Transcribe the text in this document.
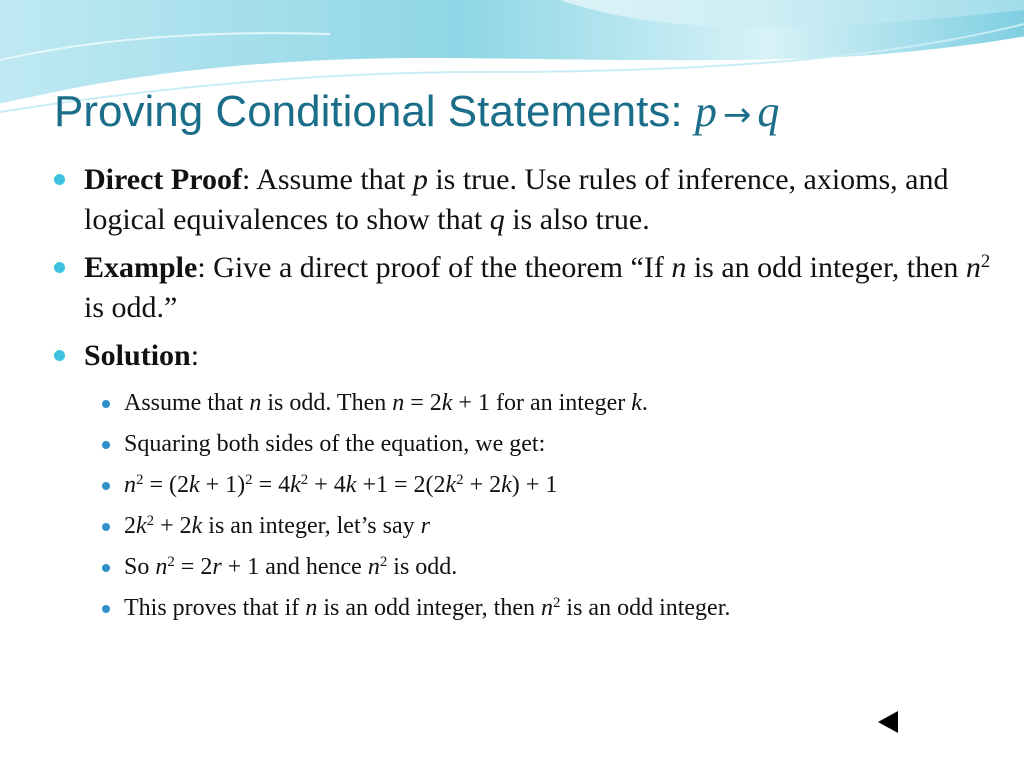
Proving Conditional Statements: p → q
Direct Proof: Assume that p is true. Use rules of inference, axioms, and logical equivalences to show that q is also true.
Example: Give a direct proof of the theorem “If n is an odd integer, then $n^2$ is odd.”
Solution:
Assume that n is odd. Then n = 2k + 1 for an integer k.
Squaring both sides of the equation, we get:
$n^2 = (2k + 1)^2 = 4k^2 + 4k +1 = 2(2k^2 + 2k) + 1$
$2k^2 + 2k$ is an integer, let’s say r
So $n^2 = 2r + 1$ and hence $n^2$ is odd.
This proves that if n is an odd integer, then $n^2$ is an odd integer.
